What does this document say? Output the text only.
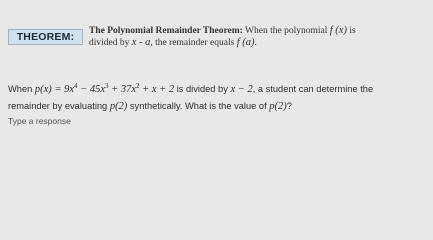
THEOREM: The Polynomial Remainder Theorem: When the polynomial f (x) is
divided by x - a, the remainder equals f (a).
When $p(x) = 9x^4 - 45x^3 + 37x^2 + x + 2$ is divided by x − 2, a student can determine the
remainder by evaluating p(2) synthetically. What is the value of p(2)?
Type a response
